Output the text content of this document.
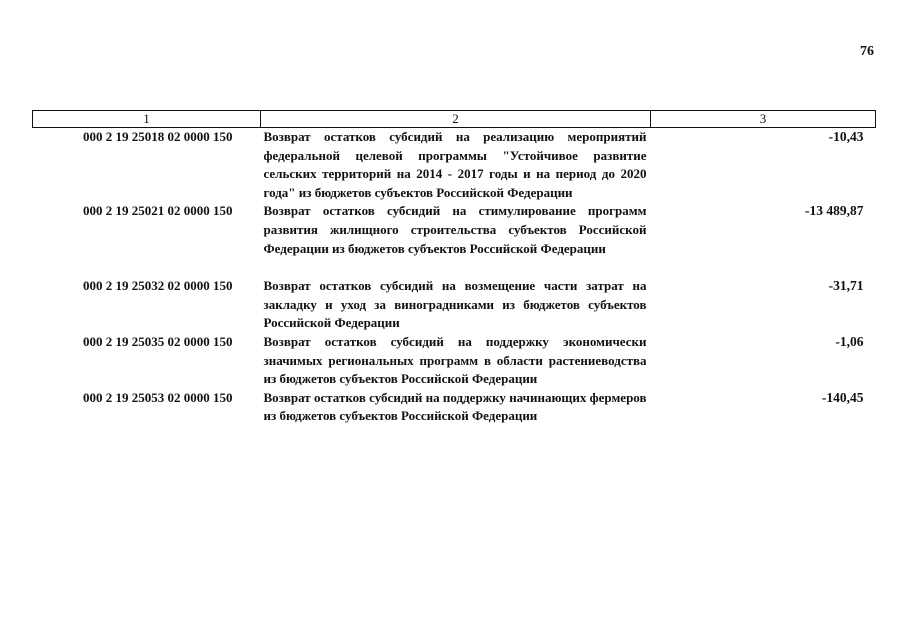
76
1	2	3
000 2 19 25018 02 0000 150	Возврат остатков субсидий на реализацию мероприятий федеральной целевой программы "Устойчивое развитие сельских территорий на 2014 - 2017 годы и на период до 2020 года" из бюджетов субъектов Российской Федерации	-10,43
000 2 19 25021 02 0000 150	Возврат остатков субсидий на стимулирование программ развития жилищного строительства субъектов Российской Федерации из бюджетов субъектов Российской Федерации	-13 489,87
000 2 19 25032 02 0000 150	Возврат остатков субсидий на возмещение части затрат на закладку и уход за виноградниками из бюджетов субъектов Российской Федерации	-31,71
000 2 19 25035 02 0000 150	Возврат остатков субсидий на поддержку экономически значимых региональных программ в области растениеводства из бюджетов субъектов Российской Федерации	-1,06
000 2 19 25053 02 0000 150	Возврат остатков субсидий на поддержку начинающих фермеров из бюджетов субъектов Российской Федерации	-140,45
